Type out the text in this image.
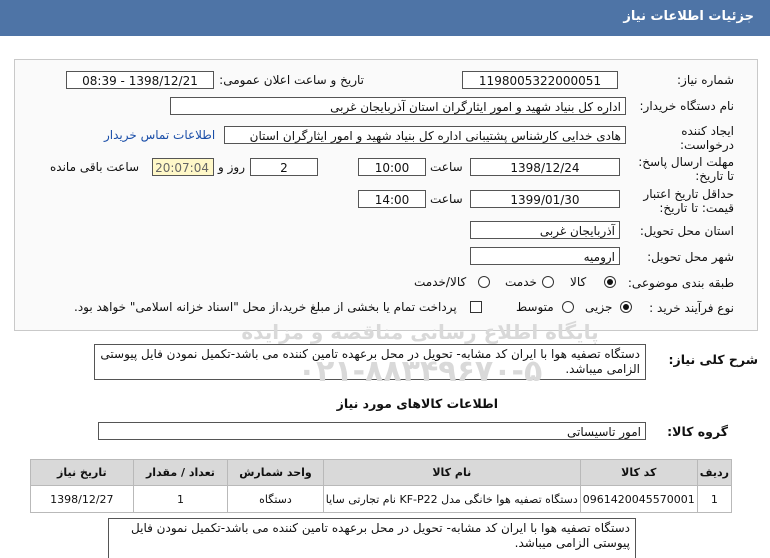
جزئیات اطلاعات نیاز
شماره نیاز:
1198005322000051
تاریخ و ساعت اعلان عمومی:
1398/12/21 - 08:39
نام دستگاه خریدار:
اداره کل بنیاد شهید و امور ایثارگران استان آذربایجان غربی
ایجاد کننده درخواست:
هادی خدایی کارشناس پشتیبانی اداره کل بنیاد شهید و امور ایثارگران استان
اطلاعات تماس خریدار
مهلت ارسال پاسخ: تا تاریخ:
1398/12/24
ساعت
10:00
2
روز و
20:07:04
ساعت باقی مانده
حداقل تاریخ اعتبار قیمت: تا تاریخ:
1399/01/30
ساعت
14:00
استان محل تحویل:
آذربایجان غربی
شهر محل تحویل:
ارومیه
طبقه بندی موضوعی:
کالا
خدمت
کالا/خدمت
نوع فرآیند خرید :
جزیی
متوسط
پرداخت تمام یا بخشی از مبلغ خرید،از محل "اسناد خزانه اسلامی" خواهد بود.
شرح کلی نیاز:
دستگاه تصفیه هوا با ایران کد مشابه- تحویل در محل برعهده تامین کننده می باشد-تکمیل نمودن فایل پیوستی الزامی میباشد.
اطلاعات کالاهای مورد نیاز
گروه کالا:
امور تاسیساتی
ردیف	کد کالا	نام کالا	واحد شمارش	تعداد / مقدار	تاریخ نیاز
1	0961420045570001	دستگاه تصفیه هوا خانگی مدل KF-P22 نام تجارتی سایا	دستگاه	1	1398/12/27
دستگاه تصفیه هوا با ایران کد مشابه- تحویل در محل برعهده تامین کننده می باشد-تکمیل نمودن فایل پیوستی الزامی میباشد.
پایگاه اطلاع رسانی مناقصه و مزایده
۰۲۱-۸۸۳۴۹۶۷۰-۵
